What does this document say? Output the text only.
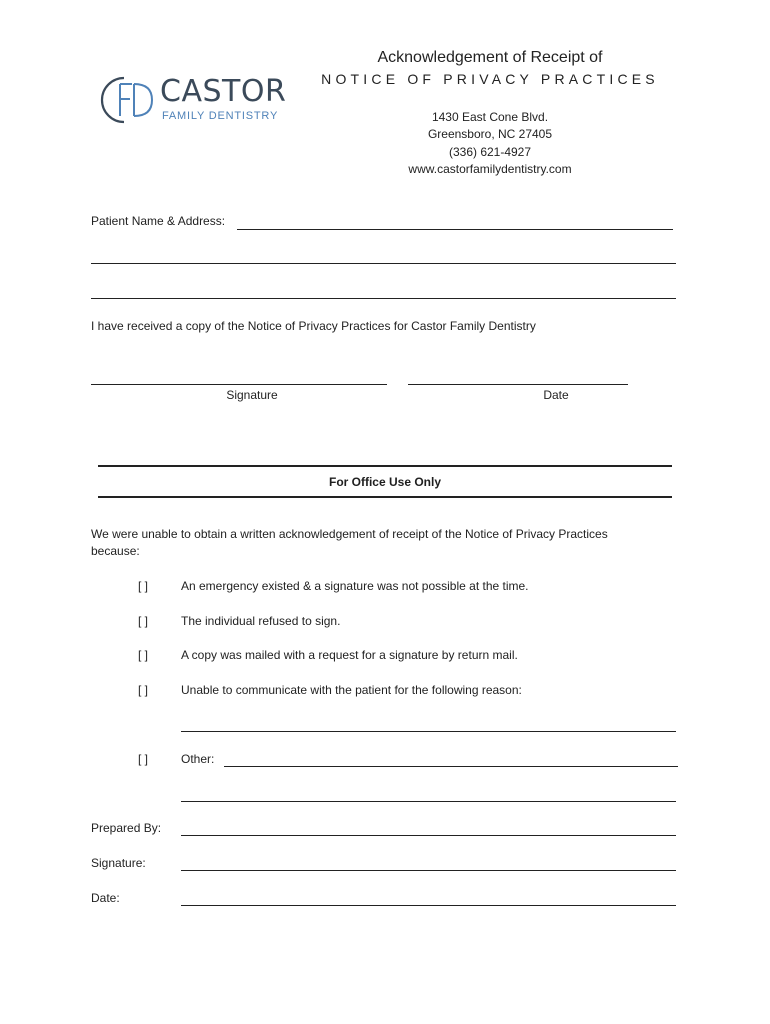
CASTOR
FAMILY DENTISTRY
Acknowledgement of Receipt of
NOTICE OF PRIVACY PRACTICES
1430 East Cone Blvd.
Greensboro, NC 27405
(336) 621-4927
www.castorfamilydentistry.com
Patient Name & Address:
I have received a copy of the Notice of Privacy Practices for Castor Family Dentistry
Signature	Date
For Office Use Only
We were unable to obtain a written acknowledgement of receipt of the Notice of Privacy Practices
because:
[ ]	An emergency existed & a signature was not possible at the time.
[ ]	The individual refused to sign.
[ ]	A copy was mailed with a request for a signature by return mail.
[ ]	Unable to communicate with the patient for the following reason:
[ ]	Other:
Prepared By:
Signature:
Date:
